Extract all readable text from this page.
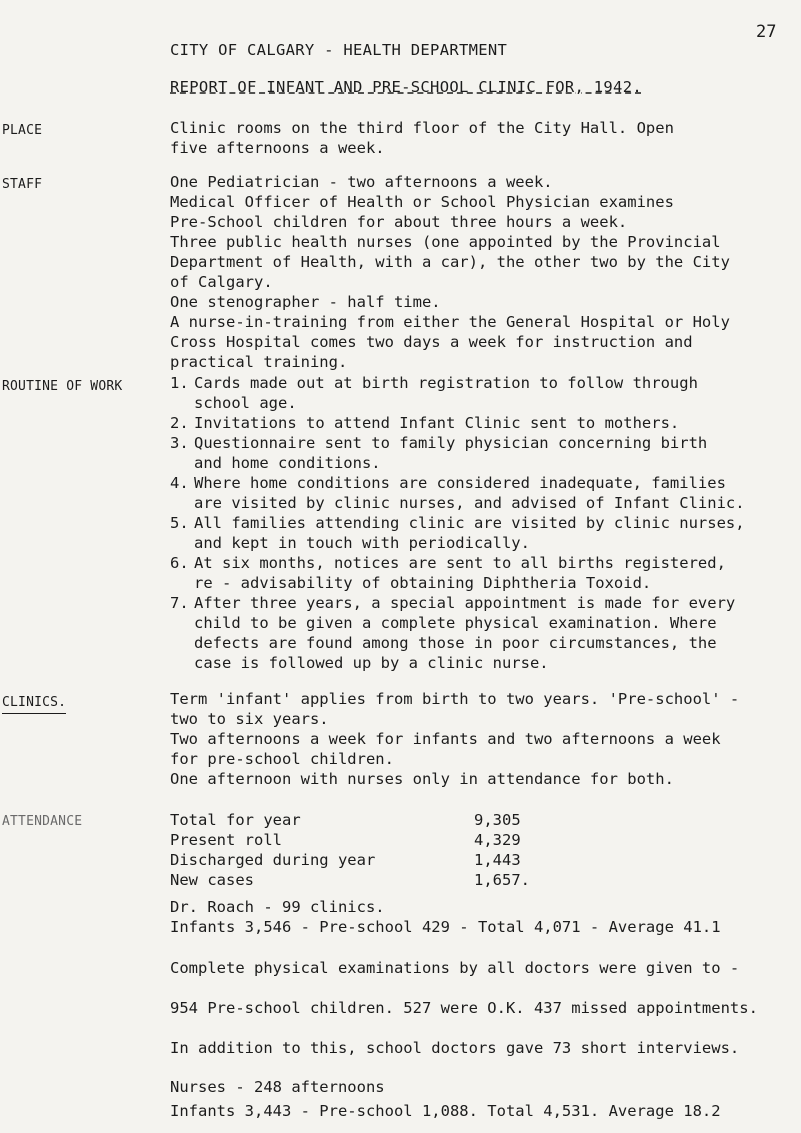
27
CITY OF CALGARY - HEALTH DEPARTMENT
REPORT OF INFANT AND PRE-SCHOOL CLINIC FOR, 1942.
PLACE	Clinic rooms on the third floor of the City Hall. Open
five afternoons a week.
STAFF	One Pediatrician - two afternoons a week.
Medical Officer of Health or School Physician examines
Pre-School children for about three hours a week.
Three public health nurses (one appointed by the Provincial
Department of Health, with a car), the other two by the City
of Calgary.
One stenographer - half time.
A nurse-in-training from either the General Hospital or Holy
Cross Hospital comes two days a week for instruction and
practical training.
ROUTINE OF WORK	1. Cards made out at birth registration to follow through
school age.
2. Invitations to attend Infant Clinic sent to mothers.
3. Questionnaire sent to family physician concerning birth
and home conditions.
4. Where home conditions are considered inadequate, families
are visited by clinic nurses, and advised of Infant Clinic.
5. All families attending clinic are visited by clinic nurses,
and kept in touch with periodically.
6. At six months, notices are sent to all births registered,
re - advisability of obtaining Diphtheria Toxoid.
7. After three years, a special appointment is made for every
child to be given a complete physical examination. Where
defects are found among those in poor circumstances, the
case is followed up by a clinic nurse.
CLINICS.	Term 'infant' applies from birth to two years. 'Pre-school' -
two to six years.
Two afternoons a week for infants and two afternoons a week
for pre-school children.
One afternoon with nurses only in attendance for both.
ATTENDANCE	Total for year	9,305
Present roll	4,329
Discharged during year	1,443
New cases	1,657.
Dr. Roach - 99 clinics.
Infants 3,546 - Pre-school 429 - Total 4,071 - Average 41.1
Complete physical examinations by all doctors were given to -
954 Pre-school children. 527 were O.K. 437 missed appointments.
In addition to this, school doctors gave 73 short interviews.
Nurses - 248 afternoons
Infants 3,443 - Pre-school 1,088. Total 4,531. Average 18.2
